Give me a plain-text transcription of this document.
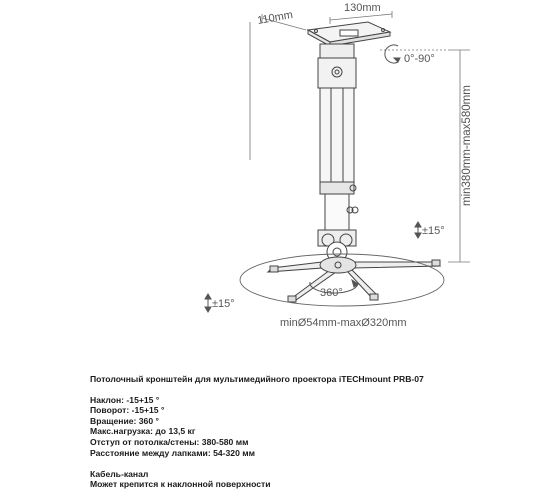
130mm
110mm
0°-90°
min380mm-max580mm
±15°
360°
±15°
minØ54mm-maxØ320mm
Потолочный кронштейн для мультимедийного проектора iTECHmount PRB-07
Наклон: -15+15 °
Поворот: -15+15 °
Вращение: 360 °
Макс.нагрузка: до 13,5 кг
Отступ от потолка/стены: 380-580 мм
Расстояние между лапками: 54-320 мм
Кабель-канал
Может крепится к наклонной поверхности
